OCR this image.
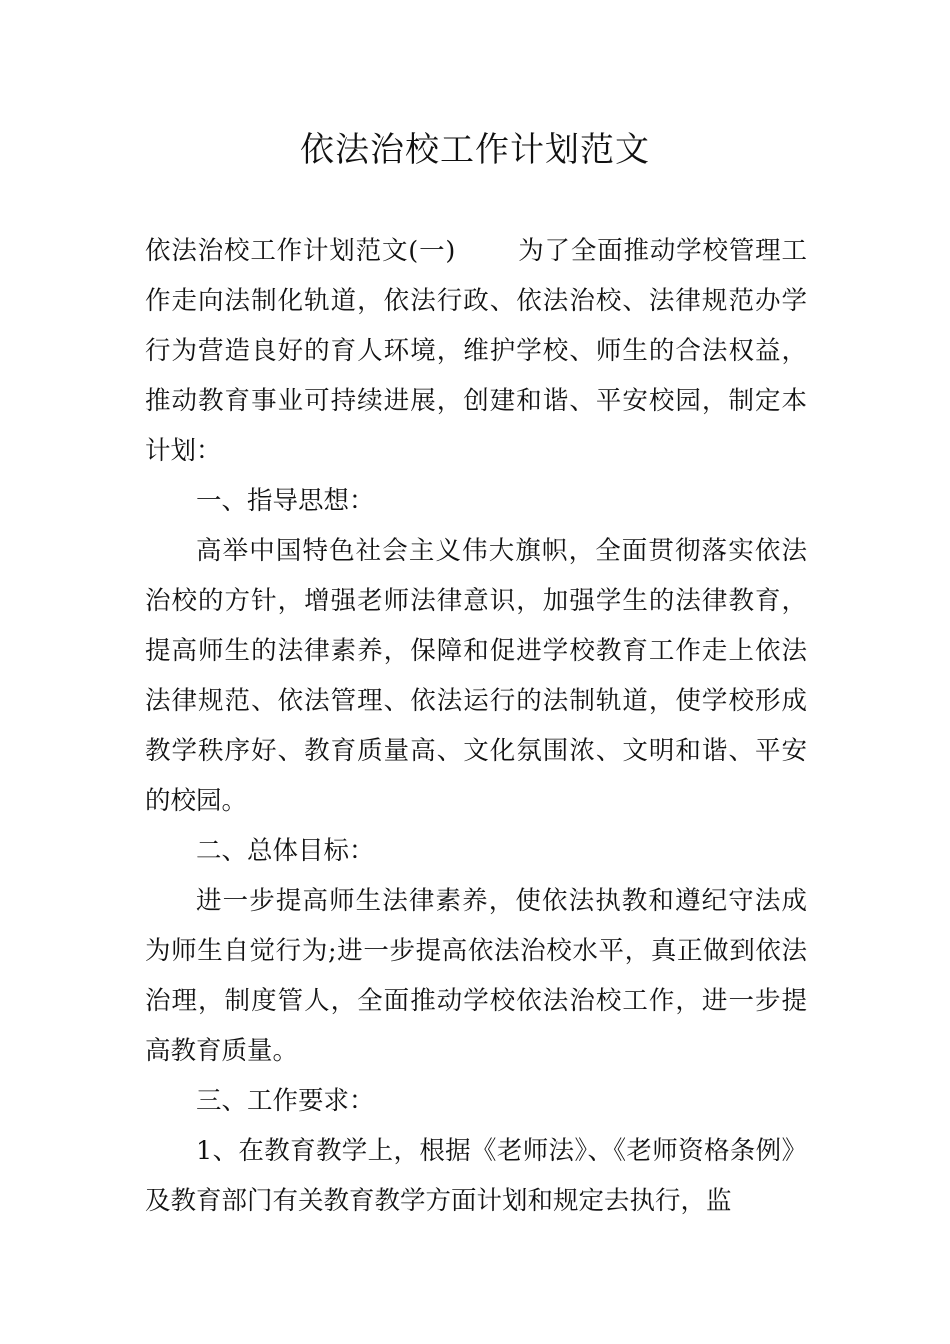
依法治校工作计划范文

依法治校工作计划范文(一) 为了全面推动学校管理工作走向法制化轨道，依法行政、依法治校、法律规范办学行为营造良好的育人环境，维护学校、师生的合法权益，推动教育事业可持续进展，创建和谐、平安校园，制定本计划：

一、指导思想：

高举中国特色社会主义伟大旗帜，全面贯彻落实依法治校的方针，增强老师法律意识，加强学生的法律教育，提高师生的法律素养，保障和促进学校教育工作走上依法法律规范、依法管理、依法运行的法制轨道，使学校形成教学秩序好、教育质量高、文化氛围浓、文明和谐、平安的校园。

二、总体目标：

进一步提高师生法律素养，使依法执教和遵纪守法成为师生自觉行为;进一步提高依法治校水平，真正做到依法治理，制度管人，全面推动学校依法治校工作，进一步提高教育质量。

三、工作要求：

1、在教育教学上，根据《老师法》、《老师资格条例》及教育部门有关教育教学方面计划和规定去执行，监
